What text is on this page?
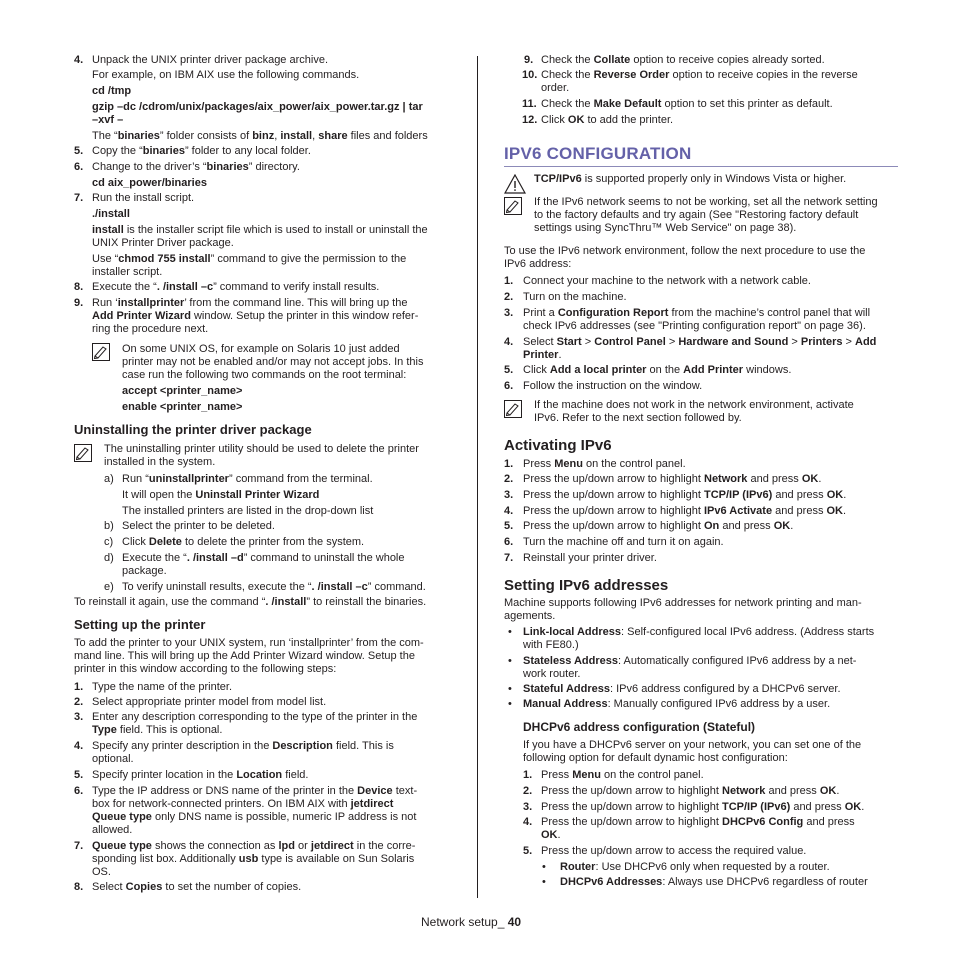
4. Unpack the UNIX printer driver package archive.
For example, on IBM AIX use the following commands.
cd /tmp
gzip –dc /cdrom/unix/packages/aix_power/aix_power.tar.gz | tar
–xvf –
The “binaries” folder consists of binz, install, share files and folders
5. Copy the “binaries” folder to any local folder.
6. Change to the driver’s “binaries” directory.
cd aix_power/binaries
7. Run the install script.
./install
install is the installer script file which is used to install or uninstall the
UNIX Printer Driver package.
Use “chmod 755 install” command to give the permission to the
installer script.
8. Execute the “. /install –c” command to verify install results.
9. Run ‘installprinter’ from the command line. This will bring up the
Add Printer Wizard window. Setup the printer in this window refer-
ring the procedure next.
On some UNIX OS, for example on Solaris 10 just added
printer may not be enabled and/or may not accept jobs. In this
case run the following two commands on the root terminal:
accept <printer_name>
enable <printer_name>
Uninstalling the printer driver package
The uninstalling printer utility should be used to delete the printer
installed in the system.
a) Run “uninstallprinter” command from the terminal.
It will open the Uninstall Printer Wizard
The installed printers are listed in the drop-down list
b) Select the printer to be deleted.
c) Click Delete to delete the printer from the system.
d) Execute the “. /install –d” command to uninstall the whole
package.
e) To verify uninstall results, execute the “. /install –c” command.
To reinstall it again, use the command “. /install” to reinstall the binaries.
Setting up the printer
To add the printer to your UNIX system, run ‘installprinter’ from the com-
mand line. This will bring up the Add Printer Wizard window. Setup the
printer in this window according to the following steps:
1. Type the name of the printer.
2. Select appropriate printer model from model list.
3. Enter any description corresponding to the type of the printer in the
Type field. This is optional.
4. Specify any printer description in the Description field. This is
optional.
5. Specify printer location in the Location field.
6. Type the IP address or DNS name of the printer in the Device text-
box for network-connected printers. On IBM AIX with jetdirect
Queue type only DNS name is possible, numeric IP address is not
allowed.
7. Queue type shows the connection as lpd or jetdirect in the corre-
sponding list box. Additionally usb type is available on Sun Solaris
OS.
8. Select Copies to set the number of copies.
9. Check the Collate option to receive copies already sorted.
10. Check the Reverse Order option to receive copies in the reverse
order.
11. Check the Make Default option to set this printer as default.
12. Click OK to add the printer.
IPV6 CONFIGURATION
TCP/IPv6 is supported properly only in Windows Vista or higher.
If the IPv6 network seems to not be working, set all the network setting
to the factory defaults and try again (See "Restoring factory default
settings using SyncThru™ Web Service" on page 38).
To use the IPv6 network environment, follow the next procedure to use the
IPv6 address:
1. Connect your machine to the network with a network cable.
2. Turn on the machine.
3. Print a Configuration Report from the machine’s control panel that will
check IPv6 addresses (see "Printing configuration report" on page 36).
4. Select Start > Control Panel > Hardware and Sound > Printers > Add
Printer.
5. Click Add a local printer on the Add Printer windows.
6. Follow the instruction on the window.
If the machine does not work in the network environment, activate
IPv6. Refer to the next section followed by.
Activating IPv6
1. Press Menu on the control panel.
2. Press the up/down arrow to highlight Network and press OK.
3. Press the up/down arrow to highlight TCP/IP (IPv6) and press OK.
4. Press the up/down arrow to highlight IPv6 Activate and press OK.
5. Press the up/down arrow to highlight On and press OK.
6. Turn the machine off and turn it on again.
7. Reinstall your printer driver.
Setting IPv6 addresses
Machine supports following IPv6 addresses for network printing and man-
agements.
• Link-local Address: Self-configured local IPv6 address. (Address starts
with FE80.)
• Stateless Address: Automatically configured IPv6 address by a net-
work router.
• Stateful Address: IPv6 address configured by a DHCPv6 server.
• Manual Address: Manually configured IPv6 address by a user.
DHCPv6 address configuration (Stateful)
If you have a DHCPv6 server on your network, you can set one of the
following option for default dynamic host configuration:
1. Press Menu on the control panel.
2. Press the up/down arrow to highlight Network and press OK.
3. Press the up/down arrow to highlight TCP/IP (IPv6) and press OK.
4. Press the up/down arrow to highlight DHCPv6 Config and press
OK.
5. Press the up/down arrow to access the required value.
• Router: Use DHCPv6 only when requested by a router.
• DHCPv6 Addresses: Always use DHCPv6 regardless of router
Network setup_ 40
